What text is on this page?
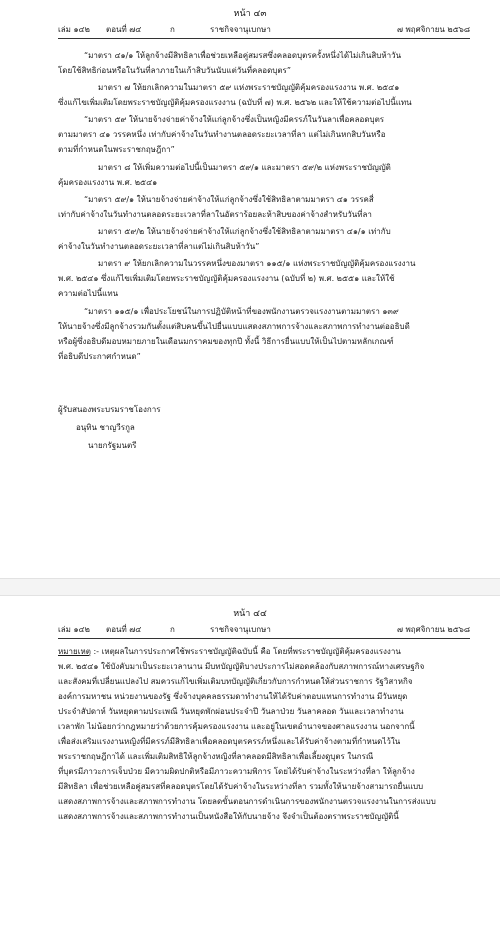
หน้า ๔๓
เล่ม ๑๔๒ ตอนที่ ๗๔	ก	ราชกิจจานุเบกษา	๗ พฤศจิกายน ๒๕๖๘

“มาตรา ๔๑/๑ ให้ลูกจ้างมีสิทธิลาเพื่อช่วยเหลือคู่สมรสซึ่งคลอดบุตรครั้งหนึ่งได้ไม่เกินสิบห้าวัน
โดยใช้สิทธิก่อนหรือในวันที่ลาภายในเก้าสิบวันนับแต่วันที่คลอดบุตร”

มาตรา ๗ ให้ยกเลิกความในมาตรา ๕๙ แห่งพระราชบัญญัติคุ้มครองแรงงาน พ.ศ. ๒๕๔๑
ซึ่งแก้ไขเพิ่มเติมโดยพระราชบัญญัติคุ้มครองแรงงาน (ฉบับที่ ๗) พ.ศ. ๒๕๖๒ และให้ใช้ความต่อไปนี้แทน

“มาตรา ๕๙ ให้นายจ้างจ่ายค่าจ้างให้แก่ลูกจ้างซึ่งเป็นหญิงมีครรภ์ในวันลาเพื่อคลอดบุตร
ตามมาตรา ๔๑ วรรคหนึ่ง เท่ากับค่าจ้างในวันทำงานตลอดระยะเวลาที่ลา แต่ไม่เกินหกสิบวันหรือ
ตามที่กำหนดในพระราชกฤษฎีกา”

มาตรา ๘ ให้เพิ่มความต่อไปนี้เป็นมาตรา ๕๙/๑ และมาตรา ๕๙/๒ แห่งพระราชบัญญัติ
คุ้มครองแรงงาน พ.ศ. ๒๕๔๑

“มาตรา ๕๙/๑ ให้นายจ้างจ่ายค่าจ้างให้แก่ลูกจ้างซึ่งใช้สิทธิลาตามมาตรา ๔๑ วรรคสี่
เท่ากับค่าจ้างในวันทำงานตลอดระยะเวลาที่ลาในอัตราร้อยละห้าสิบของค่าจ้างสำหรับวันที่ลา

มาตรา ๕๙/๒ ให้นายจ้างจ่ายค่าจ้างให้แก่ลูกจ้างซึ่งใช้สิทธิลาตามมาตรา ๔๑/๑ เท่ากับ
ค่าจ้างในวันทำงานตลอดระยะเวลาที่ลาแต่ไม่เกินสิบห้าวัน”

มาตรา ๙ ให้ยกเลิกความในวรรคหนึ่งของมาตรา ๑๑๕/๑ แห่งพระราชบัญญัติคุ้มครองแรงงาน
พ.ศ. ๒๕๔๑ ซึ่งแก้ไขเพิ่มเติมโดยพระราชบัญญัติคุ้มครองแรงงาน (ฉบับที่ ๒) พ.ศ. ๒๕๕๑ และให้ใช้
ความต่อไปนี้แทน

“มาตรา ๑๑๕/๑ เพื่อประโยชน์ในการปฏิบัติหน้าที่ของพนักงานตรวจแรงงานตามมาตรา ๑๓๙
ให้นายจ้างซึ่งมีลูกจ้างรวมกันตั้งแต่สิบคนขึ้นไปยื่นแบบแสดงสภาพการจ้างและสภาพการทำงานต่ออธิบดี
หรือผู้ซึ่งอธิบดีมอบหมายภายในเดือนมกราคมของทุกปี ทั้งนี้ วิธีการยื่นแบบให้เป็นไปตามหลักเกณฑ์
ที่อธิบดีประกาศกำหนด”

ผู้รับสนองพระบรมราชโองการ
อนุทิน ชาญวีรกูล
นายกรัฐมนตรี
หน้า ๔๔
เล่ม ๑๔๒ ตอนที่ ๗๔	ก	ราชกิจจานุเบกษา	๗ พฤศจิกายน ๒๕๖๘

หมายเหตุ :- เหตุผลในการประกาศใช้พระราชบัญญัติฉบับนี้ คือ โดยที่พระราชบัญญัติคุ้มครองแรงงาน
พ.ศ. ๒๕๔๑ ใช้บังคับมาเป็นระยะเวลานาน มีบทบัญญัติบางประการไม่สอดคล้องกับสภาพการณ์ทางเศรษฐกิจ
และสังคมที่เปลี่ยนแปลงไป สมควรแก้ไขเพิ่มเติมบทบัญญัติเกี่ยวกับการกำหนดให้ส่วนราชการ รัฐวิสาหกิจ
องค์การมหาชน หน่วยงานของรัฐ ซึ่งจ้างบุคคลธรรมดาทำงานให้ได้รับค่าตอบแทนการทำงาน มีวันหยุด
ประจำสัปดาห์ วันหยุดตามประเพณี วันหยุดพักผ่อนประจำปี วันลาป่วย วันลาคลอด วันและเวลาทำงาน
เวลาพัก ไม่น้อยกว่ากฎหมายว่าด้วยการคุ้มครองแรงงาน และอยู่ในเขตอำนาจของศาลแรงงาน นอกจากนี้
เพื่อส่งเสริมแรงงานหญิงที่มีครรภ์มีสิทธิลาเพื่อคลอดบุตรครรภ์หนึ่งและได้รับค่าจ้างตามที่กำหนดไว้ใน
พระราชกฤษฎีกาได้ และเพิ่มเติมสิทธิให้ลูกจ้างหญิงที่ลาคลอดมีสิทธิลาเพื่อเลี้ยงดูบุตร ในกรณี
ที่บุตรมีภาวะการเจ็บป่วย มีความผิดปกติหรือมีภาวะความพิการ โดยได้รับค่าจ้างในระหว่างที่ลา ให้ลูกจ้าง
มีสิทธิลา เพื่อช่วยเหลือคู่สมรสที่คลอดบุตรโดยได้รับค่าจ้างในระหว่างที่ลา รวมทั้งให้นายจ้างสามารถยื่นแบบ
แสดงสภาพการจ้างและสภาพการทำงาน โดยลดขั้นตอนการดำเนินการของพนักงานตรวจแรงงานในการส่งแบบ
แสดงสภาพการจ้างและสภาพการทำงานเป็นหนังสือให้กับนายจ้าง จึงจำเป็นต้องตราพระราชบัญญัตินี้
